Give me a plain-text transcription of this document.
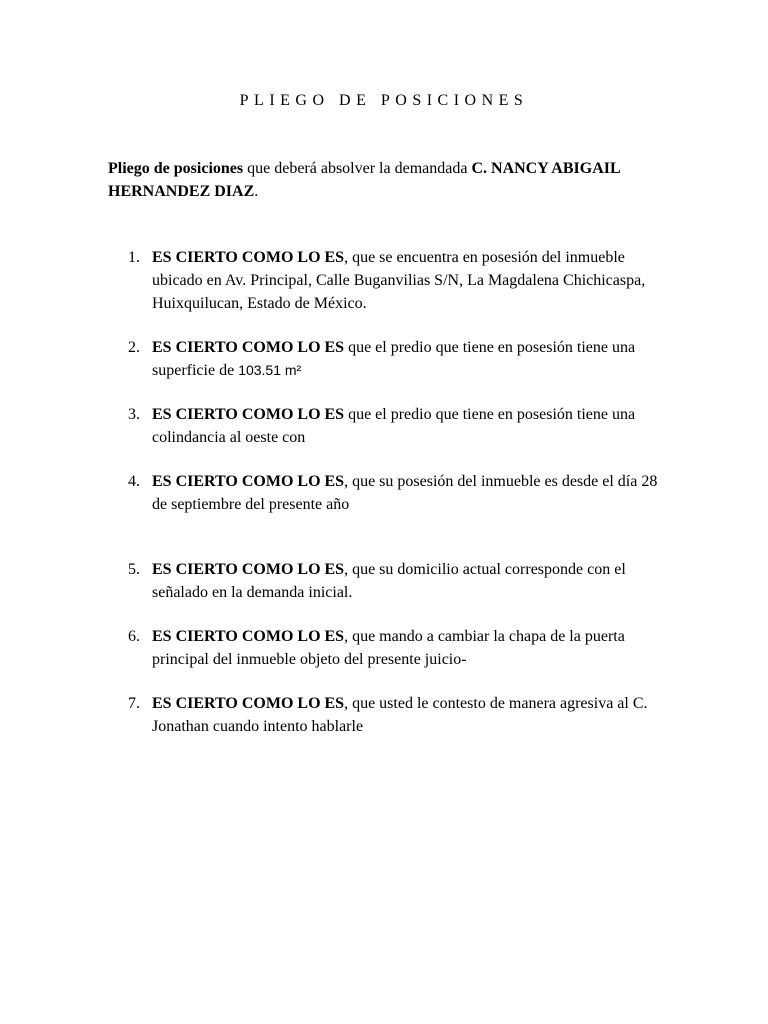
PLIEGO DE POSICIONES
Pliego de posiciones que deberá absolver la demandada C. NANCY ABIGAIL HERNANDEZ DIAZ.
1. ES CIERTO COMO LO ES, que se encuentra en posesión del inmueble ubicado en Av. Principal, Calle Buganvilias S/N, La Magdalena Chichicaspa, Huixquilucan, Estado de México.
2. ES CIERTO COMO LO ES que el predio que tiene en posesión tiene una superficie de 103.51 m²
3. ES CIERTO COMO LO ES que el predio que tiene en posesión tiene una colindancia al oeste con
4. ES CIERTO COMO LO ES, que su posesión del inmueble es desde el día 28 de septiembre del presente año
5. ES CIERTO COMO LO ES, que su domicilio actual corresponde con el señalado en la demanda inicial.
6. ES CIERTO COMO LO ES, que mando a cambiar la chapa de la puerta principal del inmueble objeto del presente juicio-
7. ES CIERTO COMO LO ES, que usted le contesto de manera agresiva al C. Jonathan cuando intento hablarle
